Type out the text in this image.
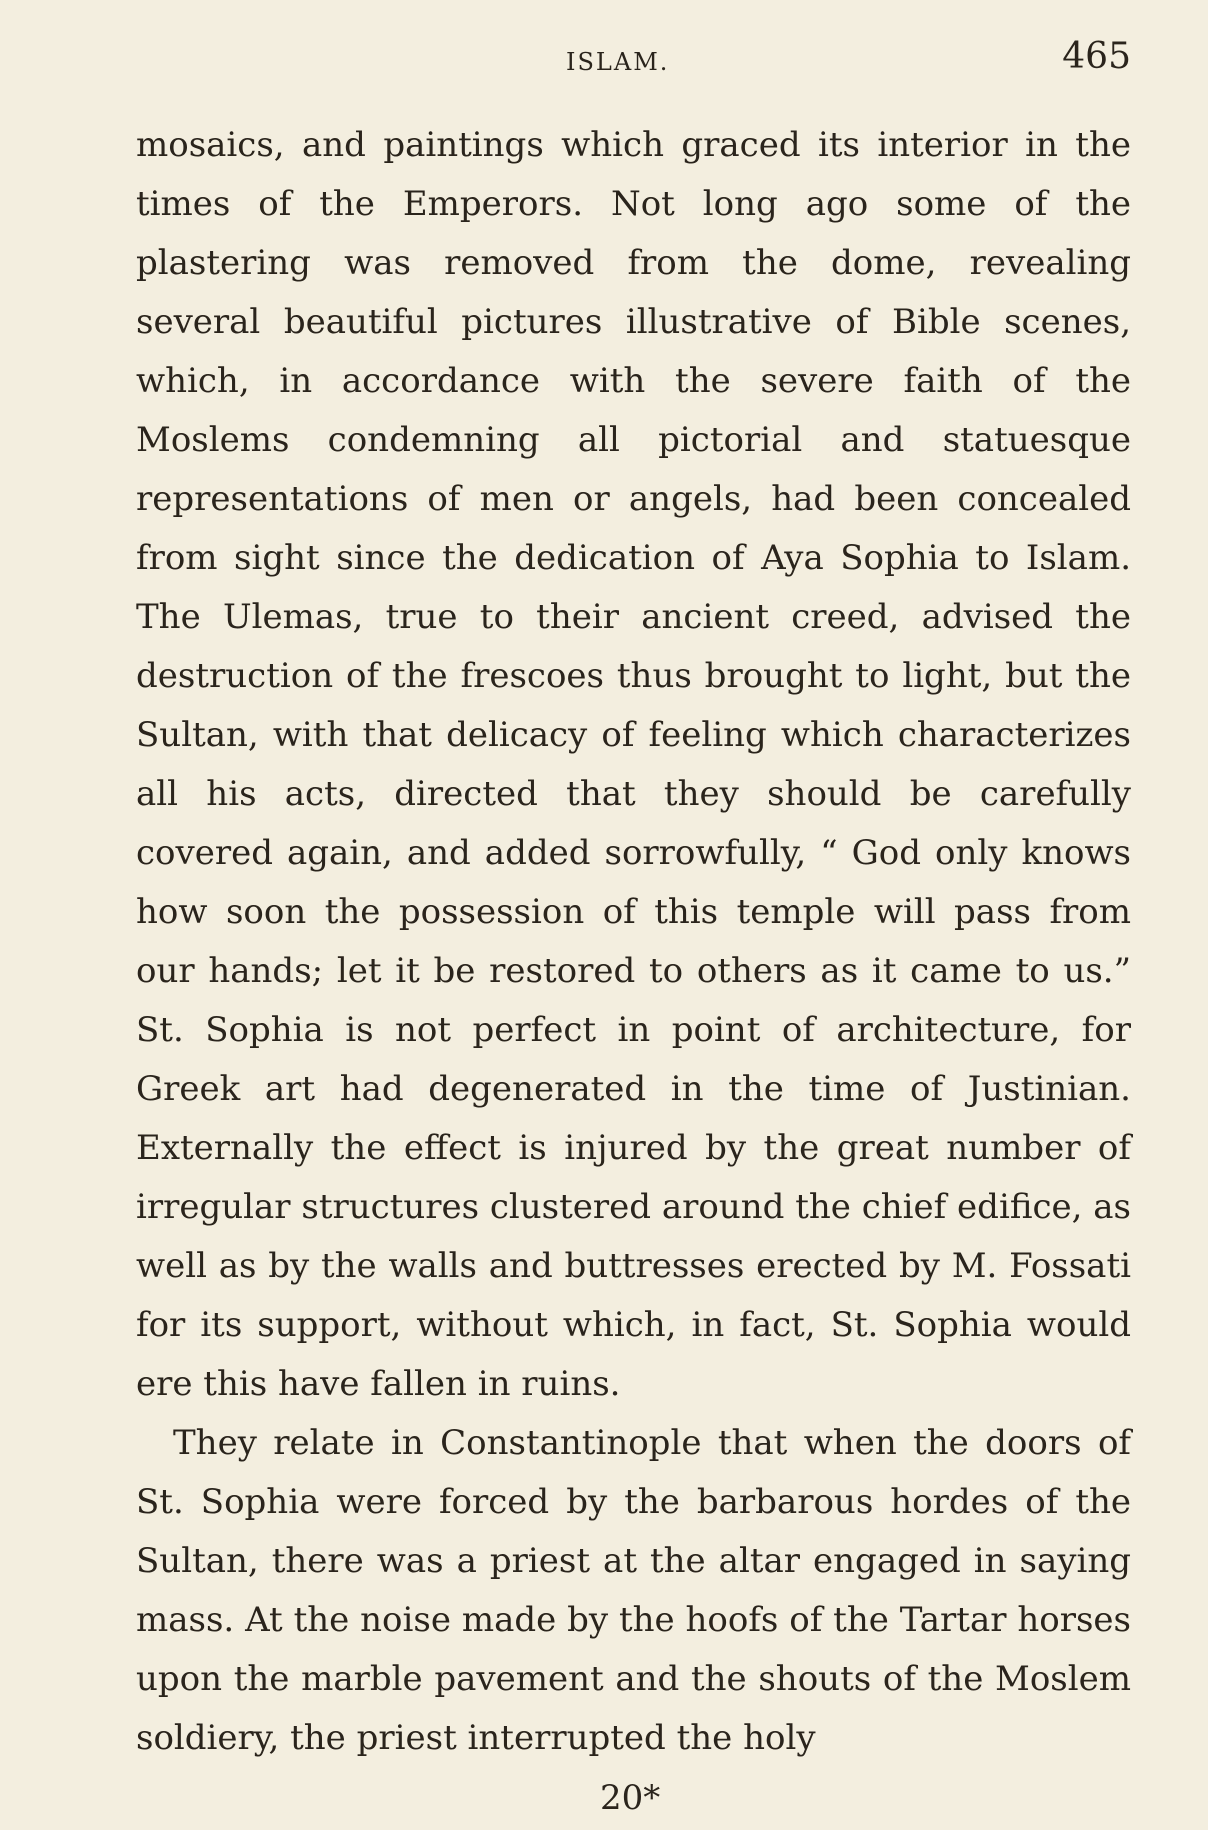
ISLAM.	465

mosaics, and paintings which graced its interior in the times of the Emperors. Not long ago some of the plastering was removed from the dome, revealing several beautiful pictures illustrative of Bible scenes, which, in accordance with the severe faith of the Moslems condemning all pictorial and statuesque representations of men or angels, had been concealed from sight since the dedication of Aya Sophia to Islam. The Ulemas, true to their ancient creed, advised the destruction of the frescoes thus brought to light, but the Sultan, with that delicacy of feeling which characterizes all his acts, directed that they should be carefully covered again, and added sorrowfully, “ God only knows how soon the possession of this temple will pass from our hands; let it be restored to others as it came to us.” St. Sophia is not perfect in point of architecture, for Greek art had degenerated in the time of Justinian. Externally the effect is injured by the great number of irregular structures clustered around the chief edifice, as well as by the walls and buttresses erected by M. Fossati for its support, without which, in fact, St. Sophia would ere this have fallen in ruins.

They relate in Constantinople that when the doors of St. Sophia were forced by the barbarous hordes of the Sultan, there was a priest at the altar engaged in saying mass. At the noise made by the hoofs of the Tartar horses upon the marble pavement and the shouts of the Moslem soldiery, the priest interrupted the holy

20*
